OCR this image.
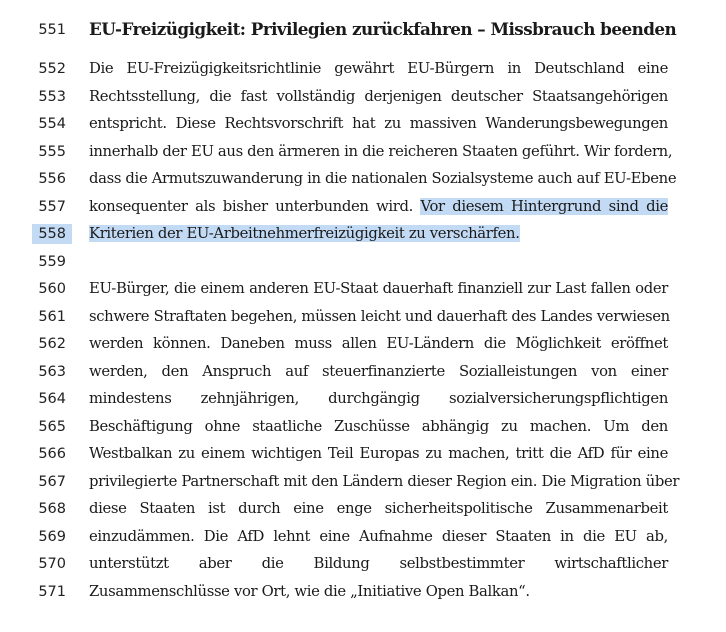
551 EU-Freizügigkeit: Privilegien zurückfahren – Missbrauch beenden
552 Die EU-Freizügigkeitsrichtlinie gewährt EU-Bürgern in Deutschland eine
553 Rechtsstellung, die fast vollständig derjenigen deutscher Staatsangehörigen
554 entspricht. Diese Rechtsvorschrift hat zu massiven Wanderungsbewegungen
555 innerhalb der EU aus den ärmeren in die reicheren Staaten geführt. Wir fordern,
556 dass die Armutszuwanderung in die nationalen Sozialsysteme auch auf EU-Ebene
557 konsequenter als bisher unterbunden wird. Vor diesem Hintergrund sind die
558	Kriterien der EU-Arbeitnehmerfreizügigkeit zu verschärfen.
559
560 EU-Bürger, die einem anderen EU-Staat dauerhaft finanziell zur Last fallen oder
561 schwere Straftaten begehen, müssen leicht und dauerhaft des Landes verwiesen
562 werden können. Daneben muss allen EU-Ländern die Möglichkeit eröffnet
563 werden, den Anspruch auf steuerfinanzierte Sozialleistungen von einer
564 mindestens zehnjährigen, durchgängig sozialversicherungspflichtigen
565 Beschäftigung ohne staatliche Zuschüsse abhängig zu machen. Um den
566 Westbalkan zu einem wichtigen Teil Europas zu machen, tritt die AfD für eine
567 privilegierte Partnerschaft mit den Ländern dieser Region ein. Die Migration über
568 diese Staaten ist durch eine enge sicherheitspolitische Zusammenarbeit
569 einzudämmen. Die AfD lehnt eine Aufnahme dieser Staaten in die EU ab,
570 unterstützt aber die Bildung selbstbestimmter wirtschaftlicher
571 Zusammenschlüsse vor Ort, wie die „Initiative Open Balkan“.
